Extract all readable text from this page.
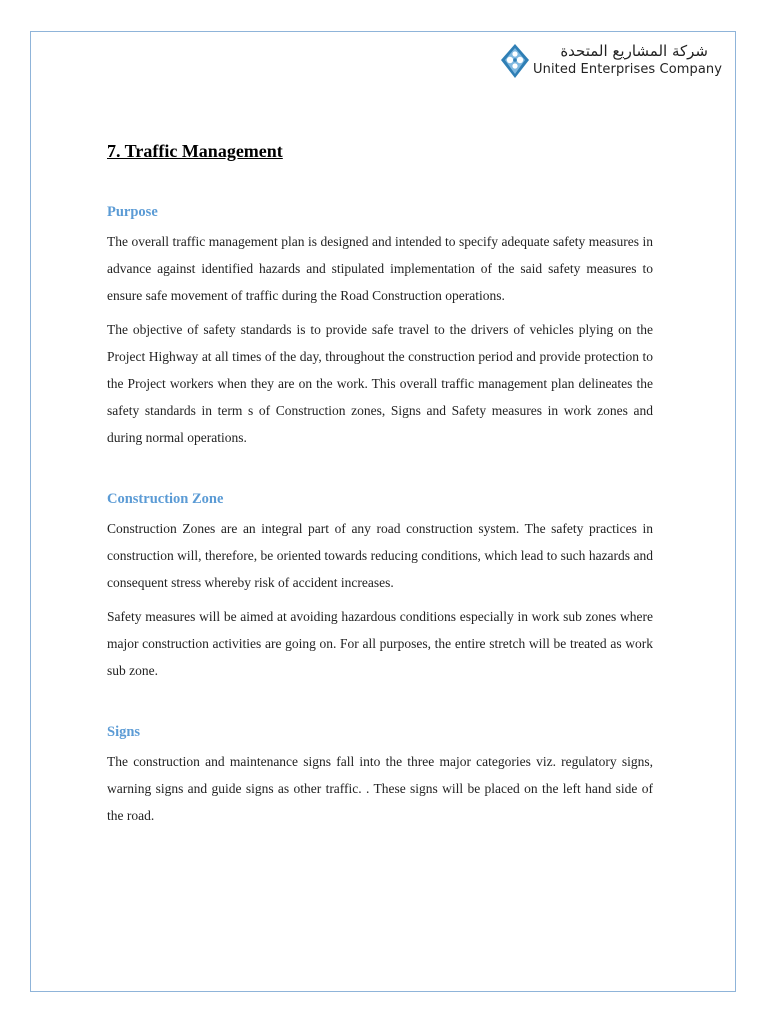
شركة المشاريع المتحدة
United Enterprises Company
7. Traffic Management
Purpose

The overall traffic management plan is designed and intended to specify adequate safety measures in advance against identified hazards and stipulated implementation of the said safety measures to ensure safe movement of traffic during the Road Construction operations.

The objective of safety standards is to provide safe travel to the drivers of vehicles plying on the Project Highway at all times of the day, throughout the construction period and provide protection to the Project workers when they are on the work. This overall traffic management plan delineates the safety standards in term s of Construction zones, Signs and Safety measures in work zones and during normal operations.

Construction Zone

Construction Zones are an integral part of any road construction system. The safety practices in construction will, therefore, be oriented towards reducing conditions, which lead to such hazards and consequent stress whereby risk of accident increases.

Safety measures will be aimed at avoiding hazardous conditions especially in work sub zones where major construction activities are going on. For all purposes, the entire stretch will be treated as work sub zone.

Signs

The construction and maintenance signs fall into the three major categories viz. regulatory signs, warning signs and guide signs as other traffic. . These signs will be placed on the left hand side of the road.
